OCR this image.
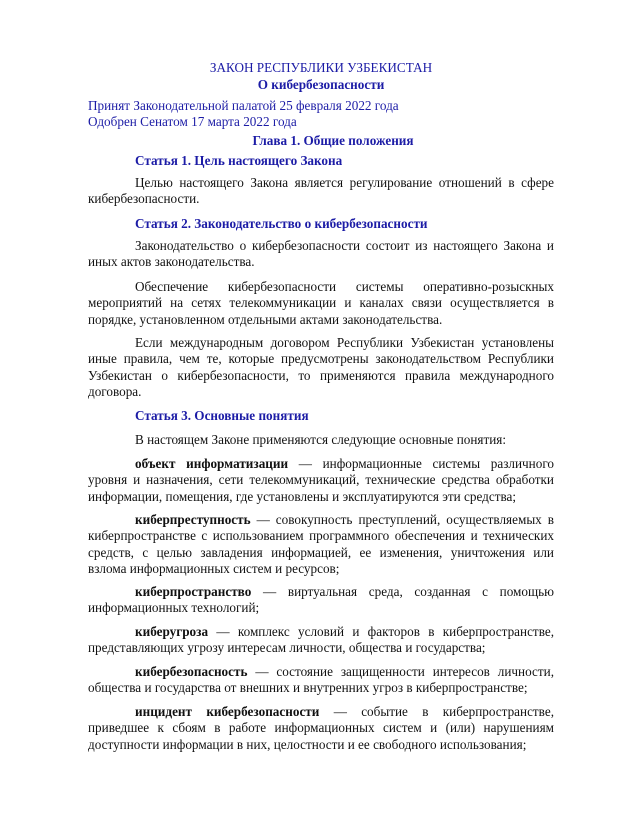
ЗАКОН РЕСПУБЛИКИ УЗБЕКИСТАН
О кибербезопасности
Принят Законодательной палатой 25 февраля 2022 года
Одобрен Сенатом 17 марта 2022 года
Глава 1. Общие положения
Статья 1. Цель настоящего Закона
Целью настоящего Закона является регулирование отношений в сфере кибербезопасности.
Статья 2. Законодательство о кибербезопасности
Законодательство о кибербезопасности состоит из настоящего Закона и иных актов законодательства.
Обеспечение кибербезопасности системы оперативно-розыскных мероприятий на сетях телекоммуникации и каналах связи осуществляется в порядке, установленном отдельными актами законодательства.
Если международным договором Республики Узбекистан установлены иные правила, чем те, которые предусмотрены законодательством Республики Узбекистан о кибербезопасности, то применяются правила международного договора.
Статья 3. Основные понятия
В настоящем Законе применяются следующие основные понятия:
объект информатизации — информационные системы различного уровня и назначения, сети телекоммуникаций, технические средства обработки информации, помещения, где установлены и эксплуатируются эти средства;
киберпреступность — совокупность преступлений, осуществляемых в киберпространстве с использованием программного обеспечения и технических средств, с целью завладения информацией, ее изменения, уничтожения или взлома информационных систем и ресурсов;
киберпространство — виртуальная среда, созданная с помощью информационных технологий;
киберугроза — комплекс условий и факторов в киберпространстве, представляющих угрозу интересам личности, общества и государства;
кибербезопасность — состояние защищенности интересов личности, общества и государства от внешних и внутренних угроз в киберпространстве;
инцидент кибербезопасности — событие в киберпространстве, приведшее к сбоям в работе информационных систем и (или) нарушениям доступности информации в них, целостности и ее свободного использования;
